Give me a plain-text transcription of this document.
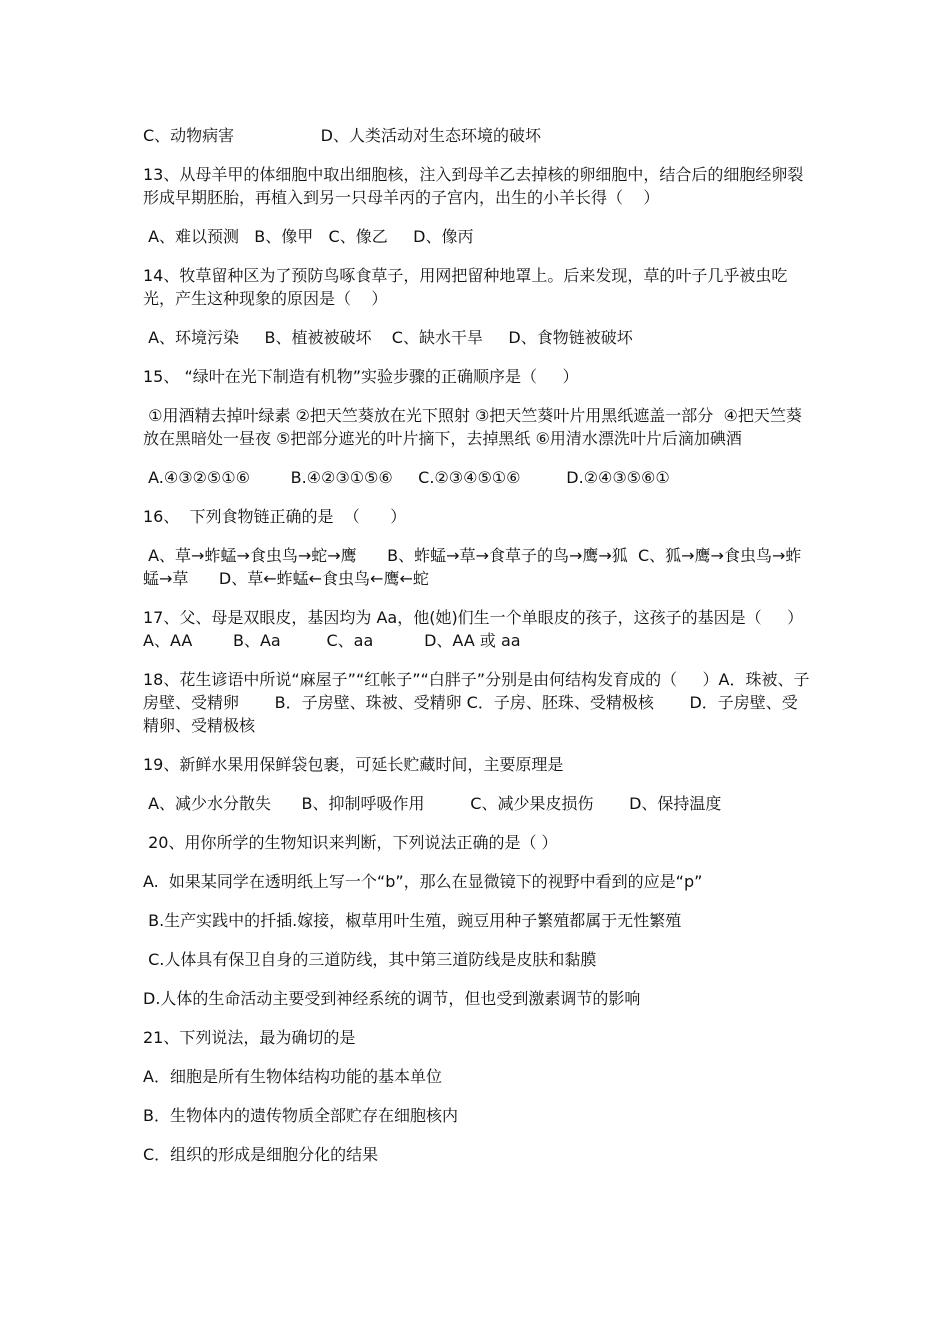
C、动物病害                 D、人类活动对生态环境的破坏

13、从母羊甲的体细胞中取出细胞核，注入到母羊乙去掉核的卵细胞中，结合后的细胞经卵裂形成早期胚胎，再植入到另一只母羊丙的子宫内，出生的小羊长得（    ）

A、难以预测   B、像甲   C、像乙     D、像丙

14、牧草留种区为了预防鸟啄食草子，用网把留种地罩上。后来发现，草的叶子几乎被虫吃光，产生这种现象的原因是（    ）

A、环境污染     B、植被被破坏    C、缺水干旱     D、食物链被破坏

15、 “绿叶在光下制造有机物”实验步骤的正确顺序是（     ）

①用酒精去掉叶绿素 ②把天竺葵放在光下照射 ③把天竺葵叶片用黑纸遮盖一部分  ④把天竺葵放在黑暗处一昼夜 ⑤把部分遮光的叶片摘下，去掉黑纸 ⑥用清水漂洗叶片后滴加碘酒

A.④③②⑤①⑥        B.④②③①⑤⑥     C.②③④⑤①⑥         D.②④③⑤⑥①

16、  下列食物链正确的是  （      ）

A、草→蚱蜢→食虫鸟→蛇→鹰      B、蚱蜢→草→食草子的鸟→鹰→狐  C、狐→鹰→食虫鸟→蚱蜢→草      D、草←蚱蜢←食虫鸟←鹰←蛇

17、父、母是双眼皮，基因均为 Aa，他(她)们生一个单眼皮的孩子，这孩子的基因是（     ）  A、AA        B、Aa         C、aa          D、AA 或 aa

18、花生谚语中所说“麻屋子”“红帐子”“白胖子”分别是由何结构发育成的（     ）A．珠被、子房壁、受精卵       B．子房壁、珠被、受精卵 C．子房、胚珠、受精极核       D．子房壁、受精卵、受精极核

19、新鲜水果用保鲜袋包裹，可延长贮藏时间，主要原理是

A、减少水分散失      B、抑制呼吸作用         C、减少果皮损伤       D、保持温度

20、用你所学的生物知识来判断，下列说法正确的是（ ）

A.  如果某同学在透明纸上写一个“b”，那么在显微镜下的视野中看到的应是“p”

B.生产实践中的扦插.嫁接，椒草用叶生殖，豌豆用种子繁殖都属于无性繁殖

C.人体具有保卫自身的三道防线，其中第三道防线是皮肤和黏膜

D.人体的生命活动主要受到神经系统的调节，但也受到激素调节的影响

21、下列说法，最为确切的是

A．细胞是所有生物体结构功能的基本单位

B．生物体内的遗传物质全部贮存在细胞核内

C．组织的形成是细胞分化的结果
